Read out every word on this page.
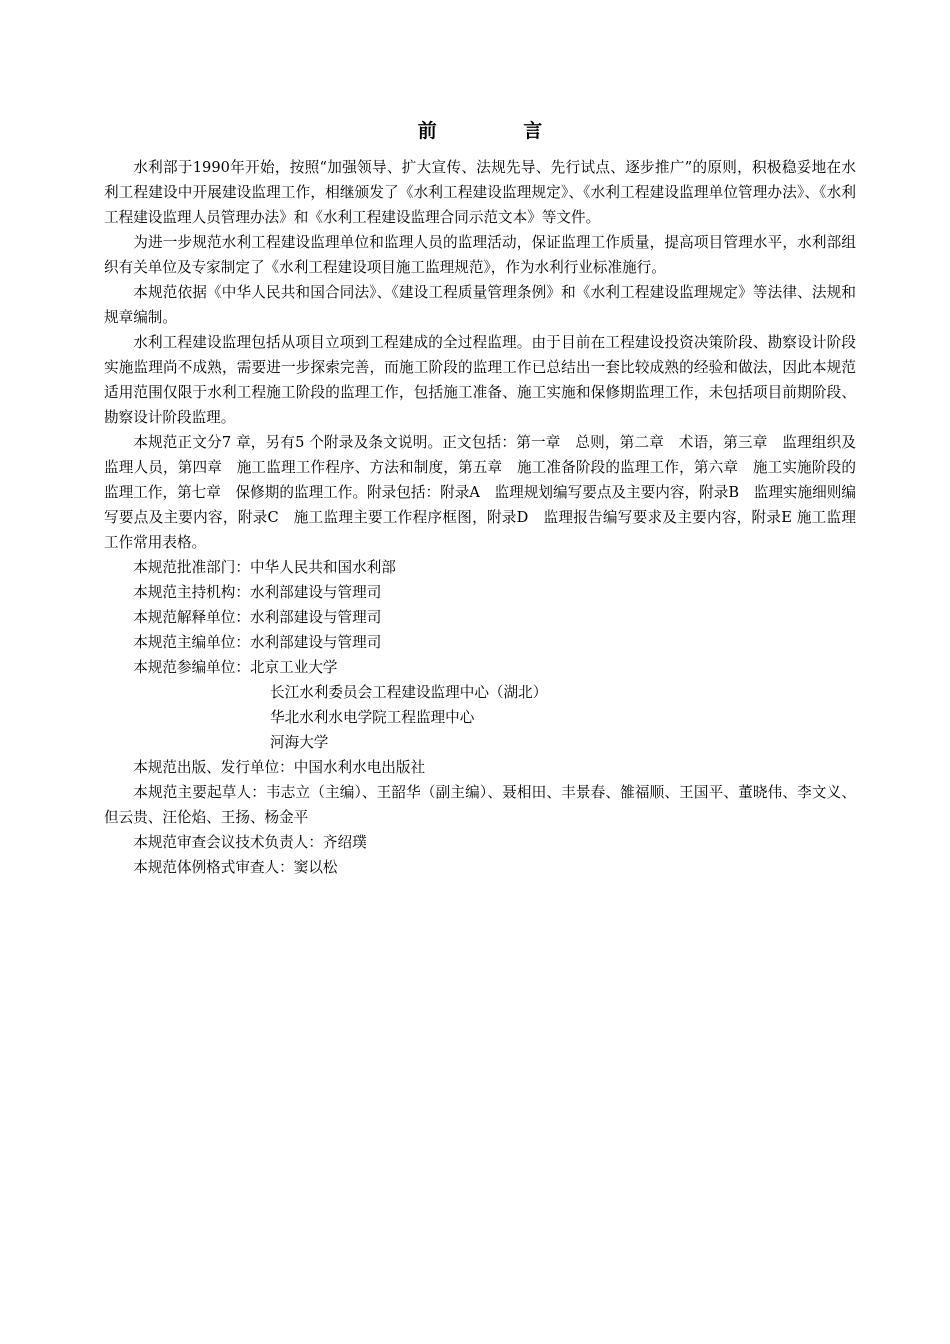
前 言

水利部于1990年开始，按照“加强领导、扩大宣传、法规先导、先行试点、逐步推广”的原则，积极稳妥地在水利工程建设中开展建设监理工作，相继颁发了《水利工程建设监理规定》、《水利工程建设监理单位管理办法》、《水利工程建设监理人员管理办法》和《水利工程建设监理合同示范文本》等文件。

为进一步规范水利工程建设监理单位和监理人员的监理活动，保证监理工作质量，提高项目管理水平，水利部组织有关单位及专家制定了《水利工程建设项目施工监理规范》，作为水利行业标准施行。

本规范依据《中华人民共和国合同法》、《建设工程质量管理条例》和《水利工程建设监理规定》等法律、法规和规章编制。

水利工程建设监理包括从项目立项到工程建成的全过程监理。由于目前在工程建设投资决策阶段、勘察设计阶段实施监理尚不成熟，需要进一步探索完善，而施工阶段的监理工作已总结出一套比较成熟的经验和做法，因此本规范适用范围仅限于水利工程施工阶段的监理工作，包括施工准备、施工实施和保修期监理工作，未包括项目前期阶段、勘察设计阶段监理。

本规范正文分7 章，另有5 个附录及条文说明。正文包括：第一章　总则，第二章　术语，第三章　监理组织及监理人员，第四章　施工监理工作程序、方法和制度，第五章　施工准备阶段的监理工作，第六章　施工实施阶段的监理工作，第七章　保修期的监理工作。附录包括：附录A　监理规划编写要点及主要内容，附录B　监理实施细则编写要点及主要内容，附录C　施工监理主要工作程序框图，附录D　监理报告编写要求及主要内容，附录E 施工监理工作常用表格。

本规范批准部门：中华人民共和国水利部
本规范主持机构：水利部建设与管理司
本规范解释单位：水利部建设与管理司
本规范主编单位：水利部建设与管理司
本规范参编单位：北京工业大学
长江水利委员会工程建设监理中心（湖北）
华北水利水电学院工程监理中心
河海大学
本规范出版、发行单位：中国水利水电出版社

本规范主要起草人：韦志立（主编）、王韶华（副主编）、聂相田、丰景春、雒福顺、王国平、董晓伟、李文义、但云贵、汪伦焰、王扬、杨金平

本规范审查会议技术负责人：齐绍璞
本规范体例格式审查人：窦以松
